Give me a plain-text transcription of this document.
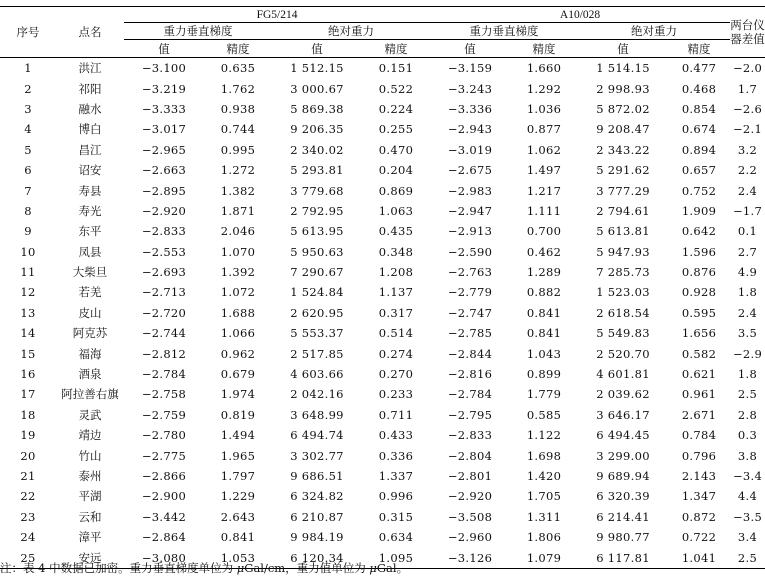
序号	点名	FG5/214				A10/028				两台仪
器差值
		重力垂直梯度		绝对重力		重力垂直梯度		绝对重力		
		值	精度	值	精度	值	精度	值	精度	
1	洪江	−3.100	0.635	1 512.15	0.151	−3.159	1.660	1 514.15	0.477	−2.0
2	祁阳	−3.219	1.762	3 000.67	0.522	−3.243	1.292	2 998.93	0.468	1.7
3	融水	−3.333	0.938	5 869.38	0.224	−3.336	1.036	5 872.02	0.854	−2.6
4	博白	−3.017	0.744	9 206.35	0.255	−2.943	0.877	9 208.47	0.674	−2.1
5	昌江	−2.965	0.995	2 340.02	0.470	−3.019	1.062	2 343.22	0.894	3.2
6	诏安	−2.663	1.272	5 293.81	0.204	−2.675	1.497	5 291.62	0.657	2.2
7	寿县	−2.895	1.382	3 779.68	0.869	−2.983	1.217	3 777.29	0.752	2.4
8	寿光	−2.920	1.871	2 792.95	1.063	−2.947	1.111	2 794.61	1.909	−1.7
9	东平	−2.833	2.046	5 613.95	0.435	−2.913	0.700	5 613.81	0.642	0.1
10	凤县	−2.553	1.070	5 950.63	0.348	−2.590	0.462	5 947.93	1.596	2.7
11	大柴旦	−2.693	1.392	7 290.67	1.208	−2.763	1.289	7 285.73	0.876	4.9
12	若羌	−2.713	1.072	1 524.84	1.137	−2.779	0.882	1 523.03	0.928	1.8
13	皮山	−2.720	1.688	2 620.95	0.317	−2.747	0.841	2 618.54	0.595	2.4
14	阿克苏	−2.744	1.066	5 553.37	0.514	−2.785	0.841	5 549.83	1.656	3.5
15	福海	−2.812	0.962	2 517.85	0.274	−2.844	1.043	2 520.70	0.582	−2.9
16	酒泉	−2.784	0.679	4 603.66	0.270	−2.816	0.899	4 601.81	0.621	1.8
17	阿拉善右旗	−2.758	1.974	2 042.16	0.233	−2.784	1.779	2 039.62	0.961	2.5
18	灵武	−2.759	0.819	3 648.99	0.711	−2.795	0.585	3 646.17	2.671	2.8
19	靖边	−2.780	1.494	6 494.74	0.433	−2.833	1.122	6 494.45	0.784	0.3
20	竹山	−2.775	1.965	3 302.77	0.336	−2.804	1.698	3 299.00	0.796	3.8
21	泰州	−2.866	1.797	9 686.51	1.337	−2.801	1.420	9 689.94	2.143	−3.4
22	平湖	−2.900	1.229	6 324.82	0.996	−2.920	1.705	6 320.39	1.347	4.4
23	云和	−3.442	2.643	6 210.87	0.315	−3.508	1.311	6 214.41	0.872	−3.5
24	漳平	−2.864	0.841	9 984.19	0.634	−2.960	1.806	9 980.77	0.722	3.4
25	安远	−3.080	1.053	6 120.34	1.095	−3.126	1.079	6 117.81	1.041	2.5
注：表 4 中数据已加密。重力垂直梯度单位为 μGal/cm，重力值单位为 μGal。
